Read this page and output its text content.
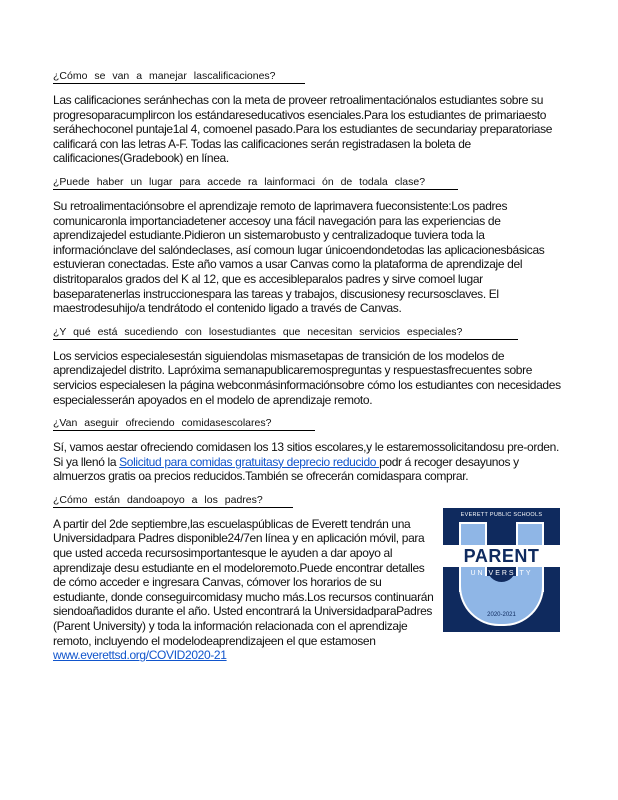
¿Cómo se van a manejar lascalificaciones?

Las calificaciones seránhechas con la meta de proveer retroalimentaciónalos estudiantes sobre su progresoparacumplircon los estándareseducativos esenciales.Para los estudiantes de primariaesto seráhechoconel puntaje1al 4, comoenel pasado.Para los estudiantes de secundariay preparatoriase calificará con las letras A-F. Todas las calificaciones serán registradasen la boleta de calificaciones(Gradebook) en línea.

¿Puede haber un lugar para accede ra lainformaci ón de todala clase?

Su retroalimentaciónsobre el aprendizaje remoto de laprimavera fueconsistente:Los padres comunicaronla importanciadetener accesoy una fácil navegación para las experiencias de aprendizajedel estudiante.Pidieron un sistemarobusto y centralizadoque tuviera toda la informaciónclave del salóndeclases, así comoun lugar únicoendondetodas las aplicacionesbásicas estuvieran conectadas. Este año vamos a usar Canvas como la plataforma de aprendizaje del distritoparalos grados del K al 12, que es accesibleparalos padres y sirve comoel lugar baseparatenerlas instruccionespara las tareas y trabajos, discusionesy recursosclaves. El maestrodesuhijo/a tendrátodo el contenido ligado a través de Canvas.

¿Y qué está sucediendo con losestudiantes que necesitan servicios especiales?

Los servicios especialesestán siguiendolas mismasetapas de transición de los modelos de aprendizajedel distrito. Lapróxima semanapublicaremospreguntas y respuestasfrecuentes sobre servicios especialesen la página webconmásinformaciónsobre cómo los estudiantes con necesidades especialesserán apoyados en el modelo de aprendizaje remoto.

¿Van aseguir ofreciendo comidasescolares?

Sí, vamos aestar ofreciendo comidasen los 13 sitios escolares,y le estaremossolicitandosu pre-orden. Si ya llenó la Solicitud para comidas gratuitasy deprecio reducido podr á recoger desayunos y almuerzos gratis oa precios reducidos.También se ofrecerán comidaspara comprar.

¿Cómo están dandoapoyo a los padres?

A partir del 2de septiembre,las escuelaspúblicas de Everett tendrán una Universidadpara Padres disponible24/7en línea y en aplicación móvil, para que usted acceda recursosimportantesque le ayuden a dar apoyo al aprendizaje desu estudiante en el modeloremoto.Puede encontrar detalles de cómo acceder e ingresara Canvas, cómover los horarios de su estudiante, donde conseguircomidasy mucho más.Los recursos continuarán siendoañadidos durante el año. Usted encontrará la UniversidadparaPadres (Parent University) y toda la información relacionada con el aprendizaje remoto, incluyendo el modelodeaprendizajeen el que estamosen www.everettsd.org/COVID2020-21

EVERETT PUBLIC SCHOOLS
PARENT
UNIVERSITY
2020-2021
